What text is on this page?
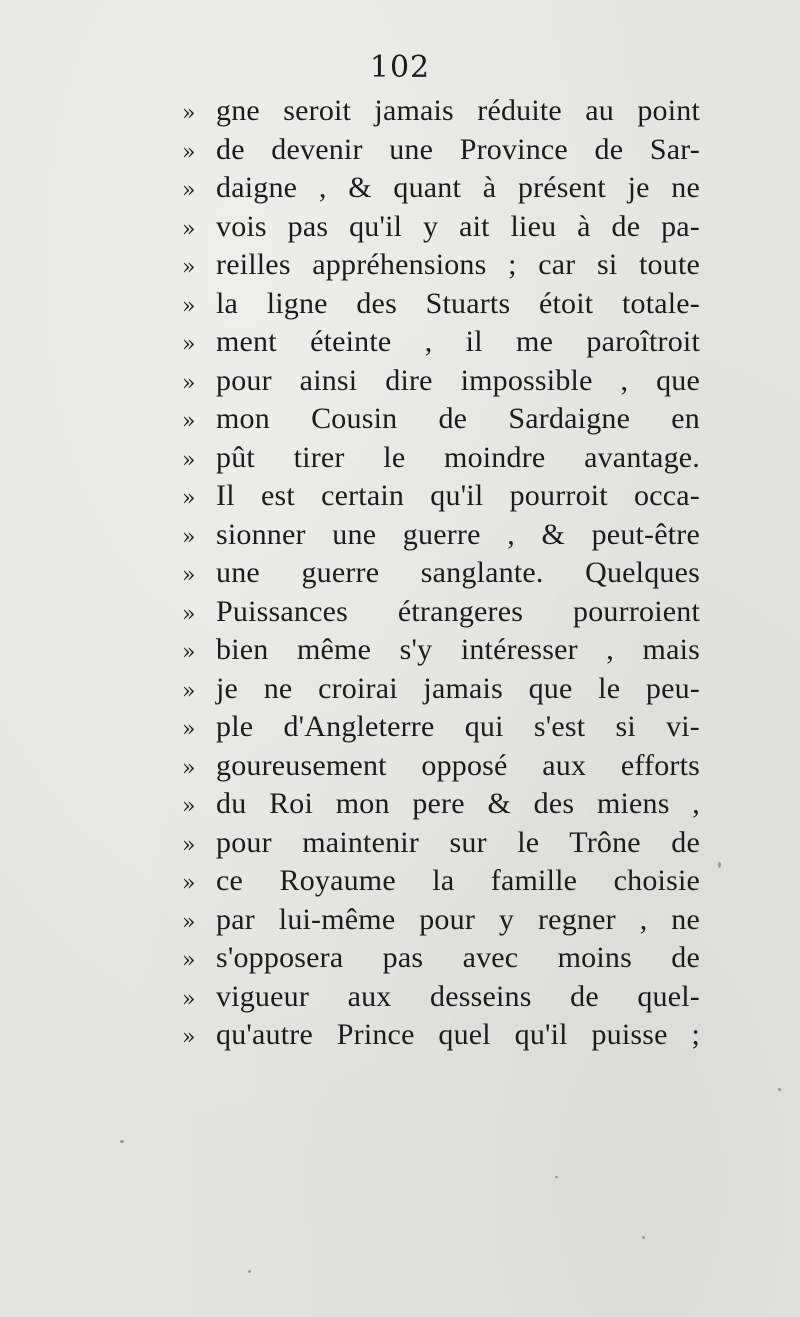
102
» gne seroit jamais réduite au point
» de devenir une Province de Sar-
» daigne , & quant à présent je ne
» vois pas qu'il y ait lieu à de pa-
» reilles appréhensions ; car si toute
» la ligne des Stuarts étoit totale-
» ment éteinte , il me paroîtroit
» pour ainsi dire impossible , que
» mon Cousin de Sardaigne en
» pût tirer le moindre avantage.
» Il est certain qu'il pourroit occa-
» sionner une guerre , & peut-être
» une guerre sanglante. Quelques
» Puissances étrangeres pourroient
» bien même s'y intéresser , mais
» je ne croirai jamais que le peu-
» ple d'Angleterre qui s'est si vi-
» goureusement opposé aux efforts
» du Roi mon pere & des miens ,
» pour maintenir sur le Trône de
» ce Royaume la famille choisie
» par lui-même pour y regner , ne
» s'opposera pas avec moins de
» vigueur aux desseins de quel-
» qu'autre Prince quel qu'il puisse ;
